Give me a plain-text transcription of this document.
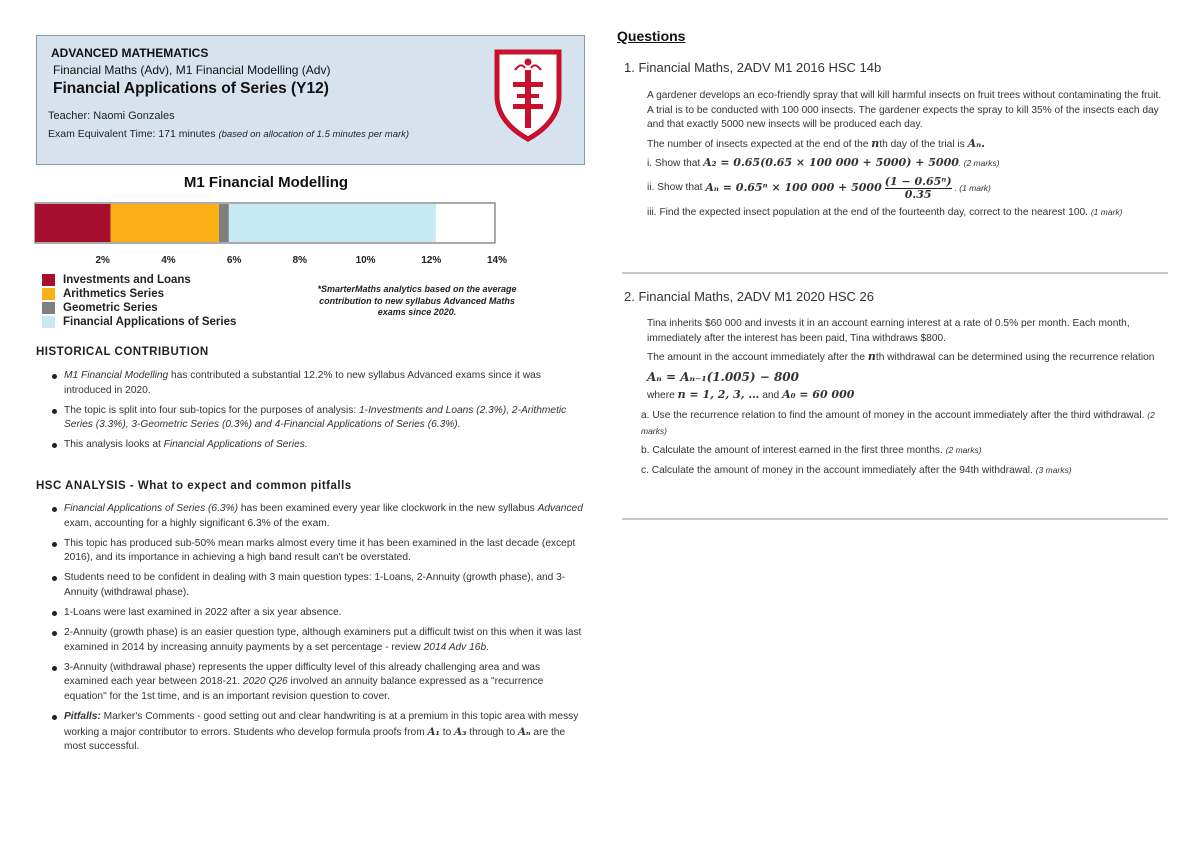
ADVANCED MATHEMATICS
Financial Maths (Adv), M1 Financial Modelling (Adv)
Financial Applications of Series (Y12)
Teacher: Naomi Gonzales
Exam Equivalent Time: 171 minutes (based on allocation of 1.5 minutes per mark)
M1 Financial Modelling
2%	4%	6%	8%	10%	12%	14%
Investments and Loans
Arithmetics Series
Geometric Series
Financial Applications of Series
*SmarterMaths analytics based on the average contribution to new syllabus Advanced Maths exams since 2020.
HISTORICAL CONTRIBUTION
M1 Financial Modelling has contributed a substantial 12.2% to new syllabus Advanced exams since it was introduced in 2020.
The topic is split into four sub-topics for the purposes of analysis: 1-Investments and Loans (2.3%), 2-Arithmetic Series (3.3%), 3-Geometric Series (0.3%) and 4-Financial Applications of Series (6.3%).
This analysis looks at Financial Applications of Series.
HSC ANALYSIS - What to expect and common pitfalls
Financial Applications of Series (6.3%) has been examined every year like clockwork in the new syllabus Advanced exam, accounting for a highly significant 6.3% of the exam.
This topic has produced sub-50% mean marks almost every time it has been examined in the last decade (except 2016), and its importance in achieving a high band result can't be overstated.
Students need to be confident in dealing with 3 main question types: 1-Loans, 2-Annuity (growth phase), and 3-Annuity (withdrawal phase).
1-Loans were last examined in 2022 after a six year absence.
2-Annuity (growth phase) is an easier question type, although examiners put a difficult twist on this when it was last examined in 2014 by increasing annuity payments by a set percentage - review 2014 Adv 16b.
3-Annuity (withdrawal phase) represents the upper difficulty level of this already challenging area and was examined each year between 2018-21. 2020 Q26 involved an annuity balance expressed as a "recurrence equation" for the 1st time, and is an important revision question to cover.
Pitfalls: Marker's Comments - good setting out and clear handwriting is at a premium in this topic area with messy working a major contributor to errors. Students who develop formula proofs from A₁ to A₃ through to Aₙ are the most successful.
Questions
1. Financial Maths, 2ADV M1 2016 HSC 14b

A gardener develops an eco-friendly spray that will kill harmful insects on fruit trees without contaminating the fruit. A trial is to be conducted with 100 000 insects. The gardener expects the spray to kill 35% of the insects each day and that exactly 5000 new insects will be produced each day.

The number of insects expected at the end of the nth day of the trial is Aₙ.

i. Show that A₂ = 0.65(0.65 × 100 000 + 5000) + 5000. (2 marks)

ii. Show that
Aₙ = 0.65ⁿ × 100 $000 + 5000 \frac{\text{(1 − 0.65ⁿ)}}{0.35}$ . (1 mark)

iii. Find the expected insect population at the end of the fourteenth day, correct to the nearest 100. (1 mark)

2. Financial Maths, 2ADV M1 2020 HSC 26

Tina inherits $60 000 and invests it in an account earning interest at a rate of 0.5% per month. Each month, immediately after the interest has been paid, Tina withdraws $800.

The amount in the account immediately after the nth withdrawal can be determined using the recurrence relation

Aₙ = Aₙ₋₁(1.005) − 800

where n = 1, 2, 3, … and A₀ = 60 000

a. Use the recurrence relation to find the amount of money in the account immediately after the third withdrawal. (2 marks)

b. Calculate the amount of interest earned in the first three months. (2 marks)

c. Calculate the amount of money in the account immediately after the 94th withdrawal. (3 marks)
